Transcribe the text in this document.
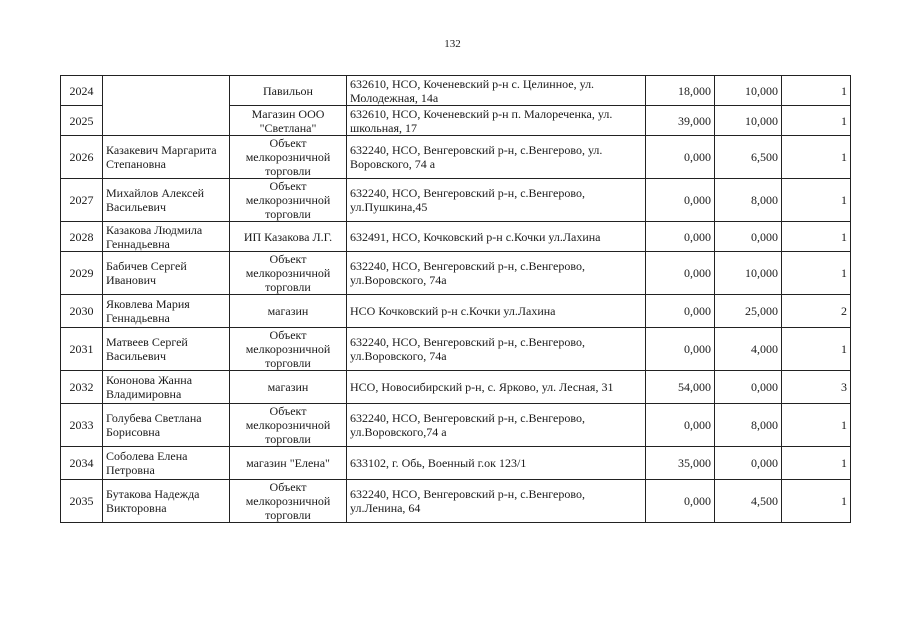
132
2024		Павильон	632610, НСО, Коченевский р-н с. Целинное, ул. Молодежная, 14а	18,000	10,000	1
2025		Магазин ООО "Светлана"	632610, НСО, Коченевский р-н п. Малореченка, ул. школьная, 17	39,000	10,000	1
2026	Казакевич Маргарита Степановна	Объект мелкорозничной торговли	632240, НСО, Венгеровский р-н, с.Венгерово, ул. Воровского, 74 а	0,000	6,500	1
2027	Михайлов Алексей Васильевич	Объект мелкорозничной торговли	632240, НСО, Венгеровский р-н, с.Венгерово, ул.Пушкина,45	0,000	8,000	1
2028	Казакова Людмила Геннадьевна	ИП Казакова Л.Г.	632491, НСО, Кочковский р-н с.Кочки ул.Лахина	0,000	0,000	1
2029	Бабичев Сергей Иванович	Объект мелкорозничной торговли	632240, НСО, Венгеровский р-н, с.Венгерово, ул.Воровского, 74а	0,000	10,000	1
2030	Яковлева Мария Геннадьевна	магазин	НСО Кочковский р-н с.Кочки ул.Лахина	0,000	25,000	2
2031	Матвеев Сергей Васильевич	Объект мелкорозничной торговли	632240, НСО, Венгеровский р-н, с.Венгерово, ул.Воровского, 74а	0,000	4,000	1
2032	Кононова Жанна Владимировна	магазин	НСО, Новосибирский р-н, с. Ярково, ул. Лесная, 31	54,000	0,000	3
2033	Голубева Светлана Борисовна	Объект мелкорозничной торговли	632240, НСО, Венгеровский р-н, с.Венгерово, ул.Воровского,74 а	0,000	8,000	1
2034	Соболева Елена Петровна	магазин "Елена"	633102, г. Обь, Военный г.ок 123/1	35,000	0,000	1
2035	Бутакова Надежда Викторовна	Объект мелкорозничной торговли	632240, НСО, Венгеровский р-н, с.Венгерово, ул.Ленина, 64	0,000	4,500	1
